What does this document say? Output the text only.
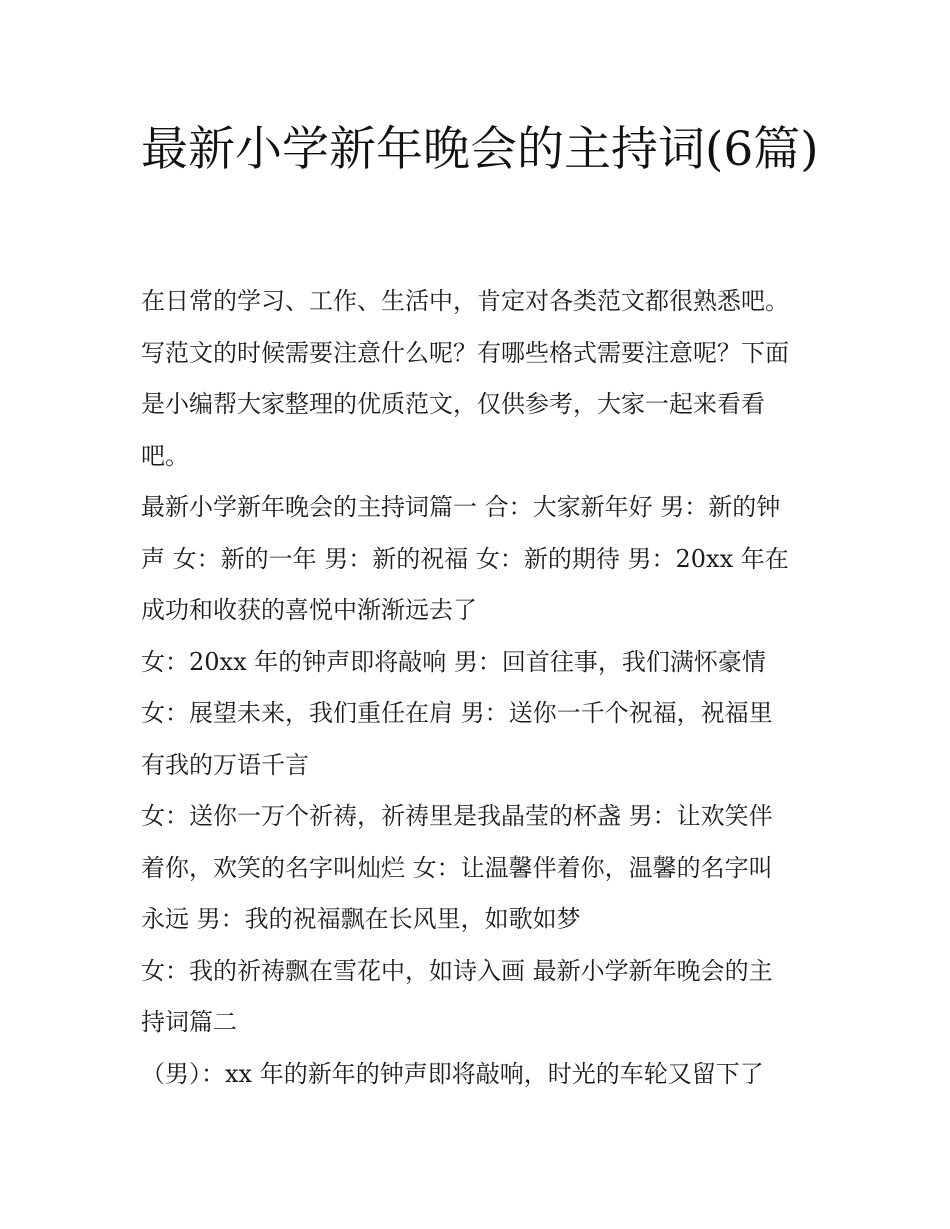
最新小学新年晚会的主持词(6篇)
在日常的学习、工作、生活中，肯定对各类范文都很熟悉吧。
写范文的时候需要注意什么呢？有哪些格式需要注意呢？下面
是小编帮大家整理的优质范文，仅供参考，大家一起来看看
吧。
最新小学新年晚会的主持词篇一 合：大家新年好 男：新的钟
声 女：新的一年 男：新的祝福 女：新的期待 男：20xx 年在
成功和收获的喜悦中渐渐远去了
女：20xx 年的钟声即将敲响 男：回首往事，我们满怀豪情
女：展望未来，我们重任在肩 男：送你一千个祝福，祝福里
有我的万语千言
女：送你一万个祈祷，祈祷里是我晶莹的杯盏 男：让欢笑伴
着你，欢笑的名字叫灿烂 女：让温馨伴着你，温馨的名字叫
永远 男：我的祝福飘在长风里，如歌如梦
女：我的祈祷飘在雪花中，如诗入画 最新小学新年晚会的主
持词篇二
（男）：xx 年的新年的钟声即将敲响，时光的车轮又留下了
